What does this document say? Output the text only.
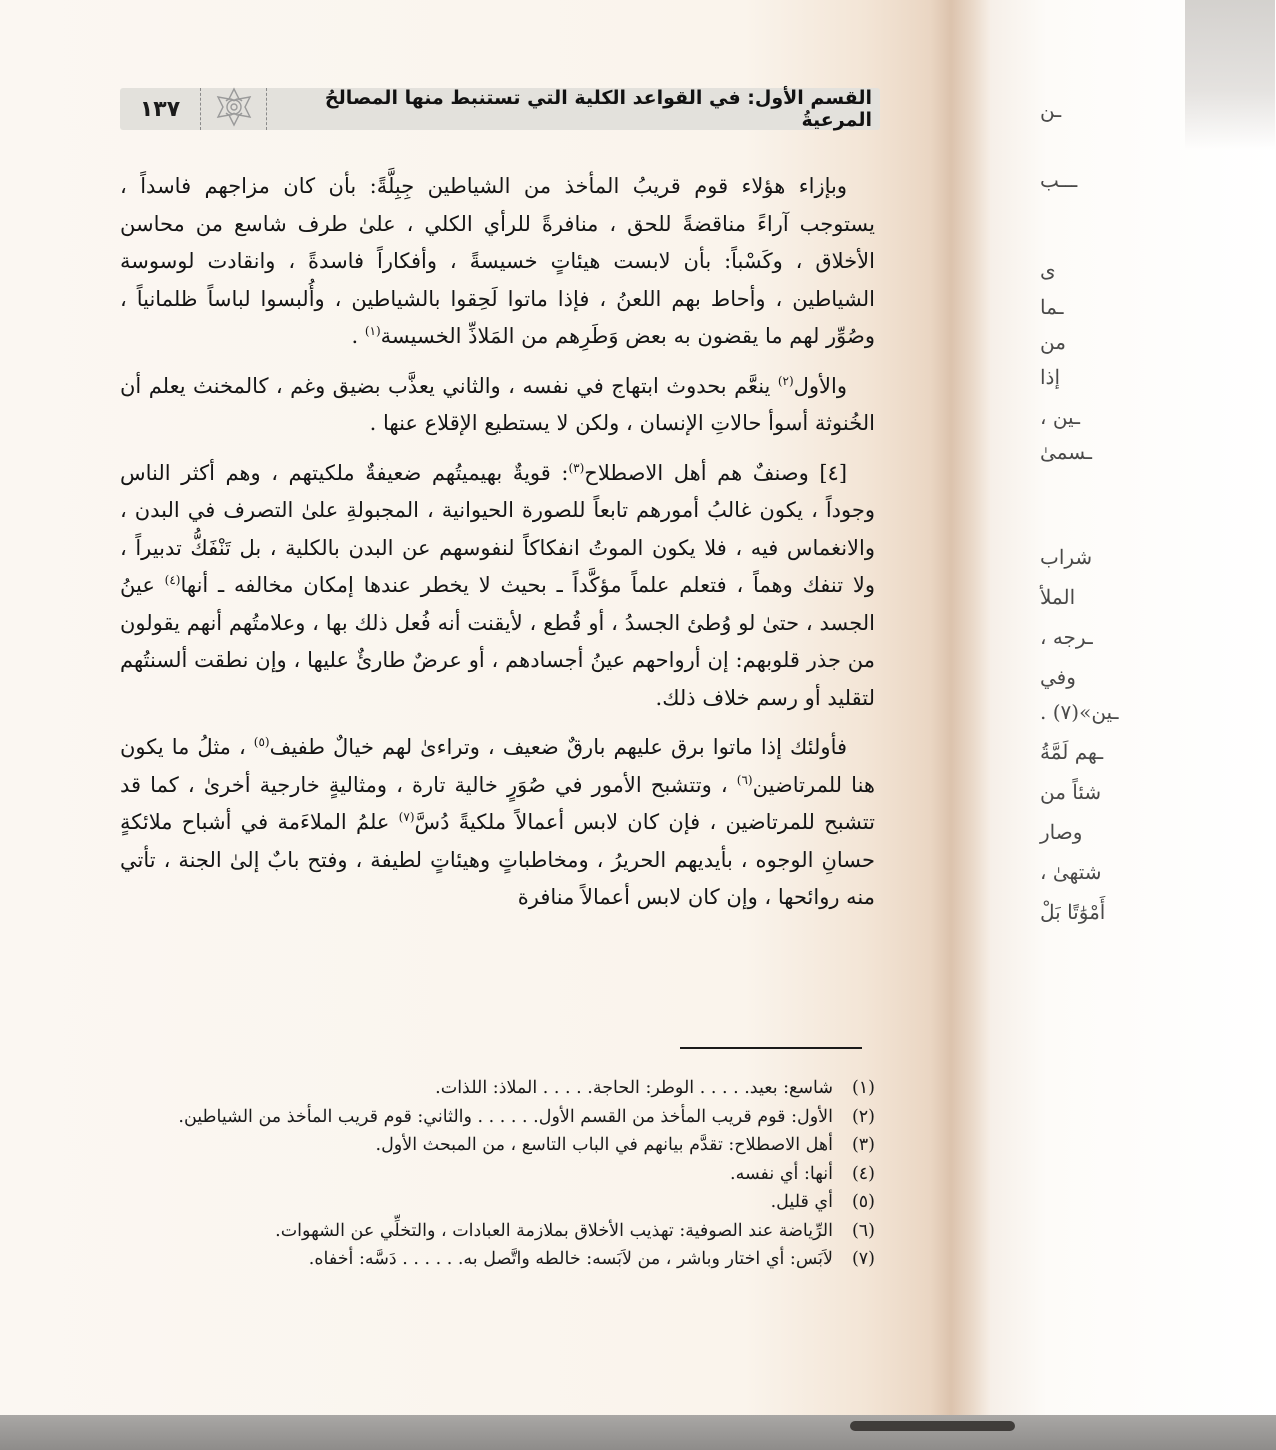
١٣٧	القسم الأول: في القواعد الكلية التي تستنبط منها المصالحُ المرعيةُ

وبإزاء هؤلاء قوم قريبُ المأخذ من الشياطين جِبِلَّةً: بأن كان مزاجهم فاسداً ، يستوجب آراءً مناقضةً للحق ، منافرةً للرأي الكلي ، علىٰ طرف شاسع من محاسن الأخلاق ، وكَسْباً: بأن لابست هيئاتٍ خسيسةً ، وأفكاراً فاسدةً ، وانقادت لوسوسة الشياطين ، وأحاط بهم اللعنُ ، فإذا ماتوا لَحِقوا بالشياطين ، وأُلبسوا لباساً ظلمانياً ، وصُوِّر لهم ما يقضون به بعض وَطَرِهم من المَلاذِّ الخسيسة$^{(١)}$ .

والأول$^{(٢)}$ ينعَّم بحدوث ابتهاج في نفسه ، والثاني يعذَّب بضيق وغم ، كالمخنث يعلم أن الخُنوثة أسوأ حالاتِ الإنسان ، ولكن لا يستطيع الإقلاع عنها .

[٤] وصنفٌ هم أهل الاصطلاح$^{(٣)}$: قويةٌ بهيميتُهم ضعيفةٌ ملكيتهم ، وهم أكثر الناس وجوداً ، يكون غالبُ أمورهم تابعاً للصورة الحيوانية ، المجبولةِ علىٰ التصرف في البدن ، والانغماس فيه ، فلا يكون الموتُ انفكاكاً لنفوسهم عن البدن بالكلية ، بل تَنْفَكُّ تدبيراً ، ولا تنفك وهماً ، فتعلم علماً مؤكَّداً ـ بحيث لا يخطر عندها إمكان مخالفه ـ أنها$^{(٤)}$ عينُ الجسد ، حتىٰ لو وُطئ الجسدُ ، أو قُطع ، لأيقنت أنه فُعل ذلك بها ، وعلامتُهم أنهم يقولون من جذر قلوبهم: إن أرواحهم عينُ أجسادهم ، أو عرضٌ طارئٌ عليها ، وإن نطقت ألسنتُهم لتقليد أو رسم خلاف ذلك.

فأولئك إذا ماتوا برق عليهم بارقٌ ضعيف ، وتراءىٰ لهم خيالٌ طفيف$^{(٥)}$ ، مثلُ ما يكون هنا للمرتاضين$^{(٦)}$ ، وتتشبح الأمور في صُوَرٍ خالية تارة ، ومثاليةٍ خارجية أخرىٰ ، كما قد تتشبح للمرتاضين ، فإن كان لابس أعمالاً ملكيةً دُسَّ$^{(٧)}$ علمُ الملاءَمة في أشباح ملائكةٍ حسانِ الوجوه ، بأيديهم الحريرُ ، ومخاطباتٍ وهيئاتٍ لطيفة ، وفتح بابٌ إلىٰ الجنة ، تأتي منه روائحها ، وإن كان لابس أعمالاً منافرة

(١)
شاسع: بعيد. . . . . الوطر: الحاجة. . . . . الملاذ: اللذات.
(٢)
الأول: قوم قريب المأخذ من القسم الأول. . . . . . والثاني: قوم قريب المأخذ من الشياطين.
(٣)
أهل الاصطلاح: تقدَّم بيانهم في الباب التاسع ، من المبحث الأول.
(٤)
أنها: أي نفسه.
(٥)
أي قليل.
(٦)
الرِّياضة عند الصوفية: تهذيب الأخلاق بملازمة العبادات ، والتخلِّي عن الشهوات.
(٧)
لاَبَس: أي اختار وباشر ، من لاَبَسه: خالطه واتَّصل به. . . . . . دَسَّه: أخفاه.
ـن
ـــب
ى
ـما
من
إذا
ـين ،
ـسمىٰ
شراب
الملأ
ـرجه ،
وفي
ـين»(٧) .
ـهم لَمَّةُ
شئاً من
وصار
شتهىٰ ،
أَمْوَٰتًا بَلْ
